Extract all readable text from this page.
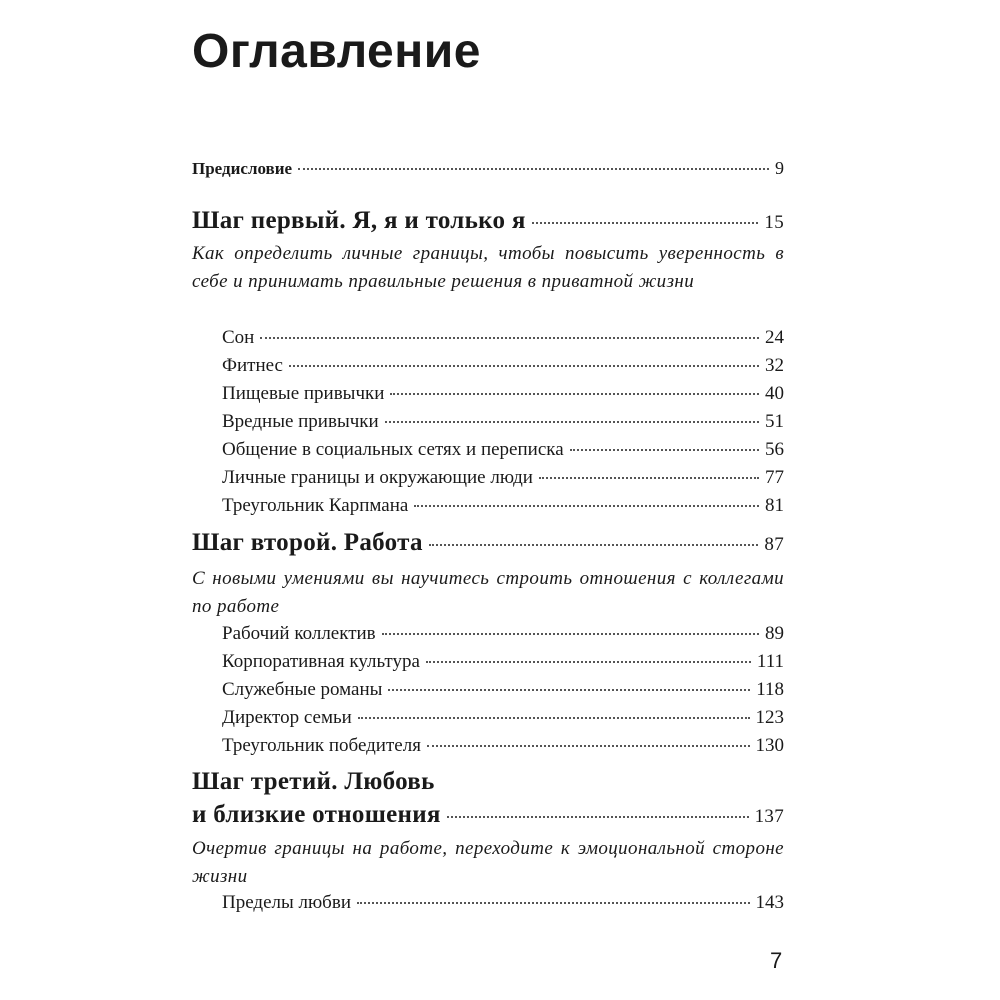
Оглавление
Предисловие	9
Шаг первый. Я, я и только я	15

Как определить личные границы, чтобы повысить уверенность в себе и принимать правильные решения в приватной жизни

Сон	24
Фитнес	32
Пищевые привычки	40
Вредные привычки	51
Общение в социальных сетях и переписка	56
Личные границы и окружающие люди	77
Треугольник Карпмана	81
Шаг второй. Работа	87

С новыми умениями вы научитесь строить отношения с коллегами по работе

Рабочий коллектив	89
Корпоративная культура	111
Служебные романы	118
Директор семьи	123
Треугольник победителя	130
Шаг третий. Любовь
и близкие отношения	137

Очертив границы на работе, переходите к эмоциональной стороне жизни

Пределы любви	143
7
